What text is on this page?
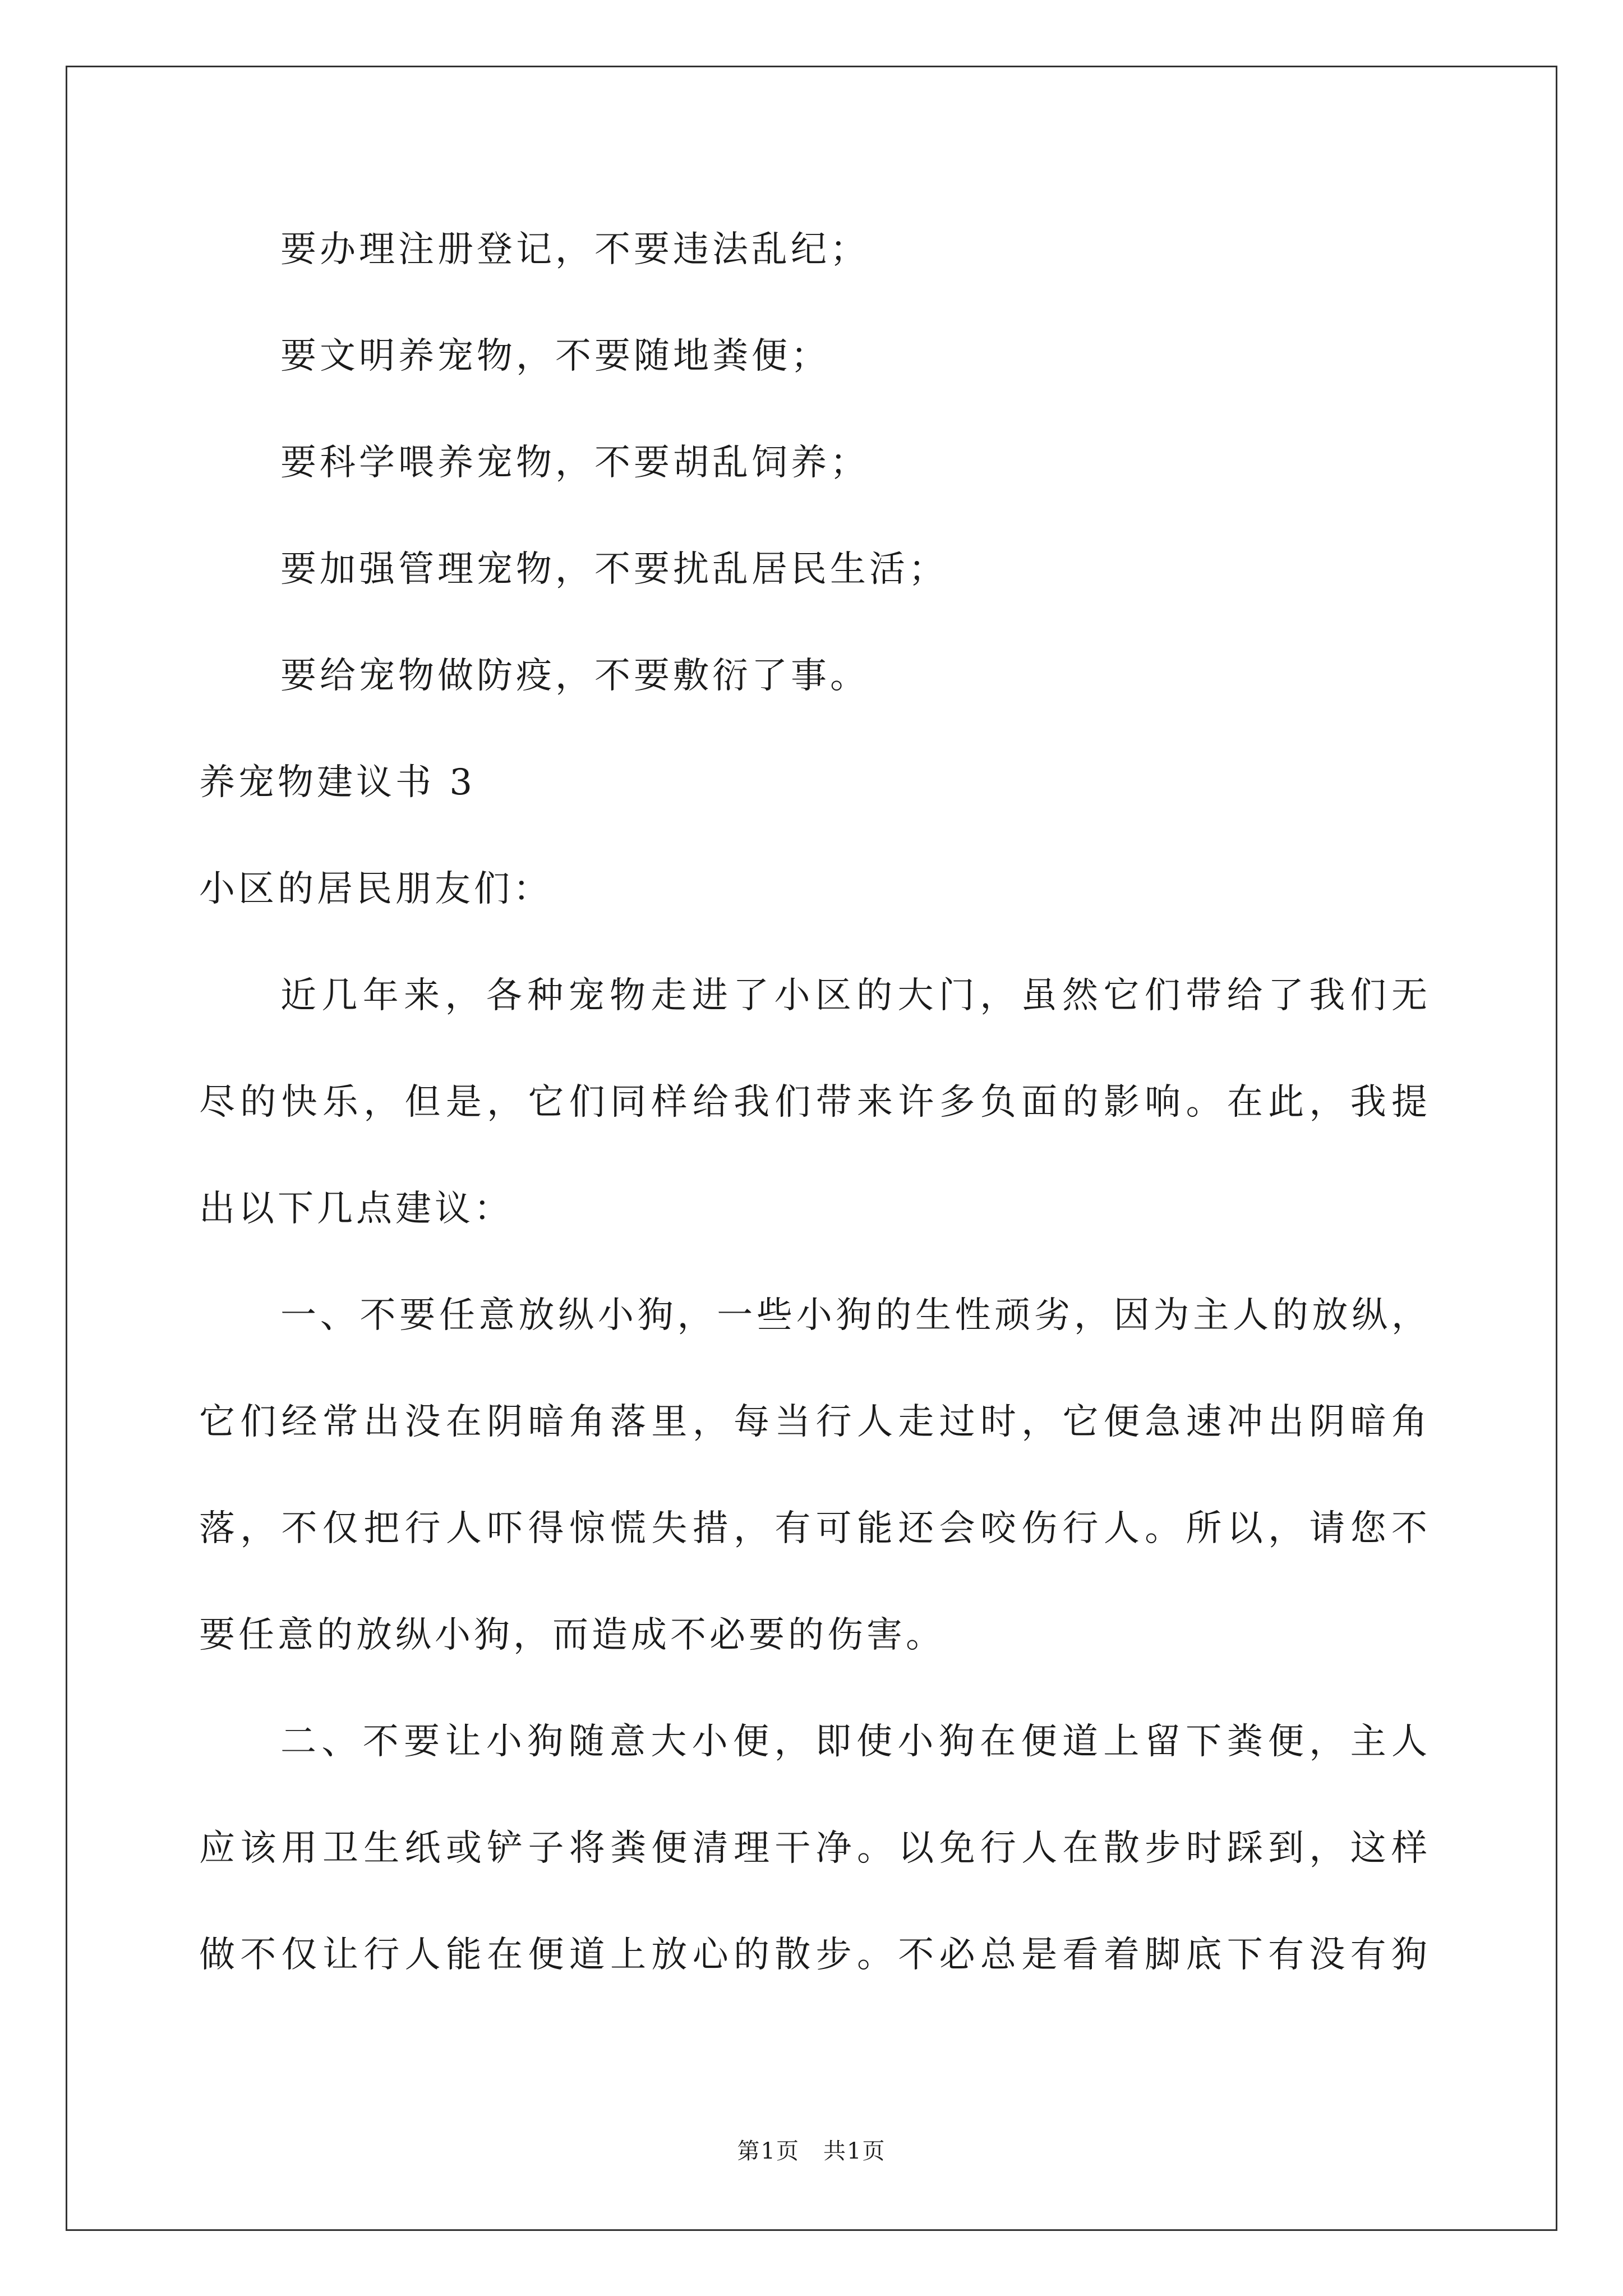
要办理注册登记，不要违法乱纪；
要文明养宠物，不要随地粪便；
要科学喂养宠物，不要胡乱饲养；
要加强管理宠物，不要扰乱居民生活；
要给宠物做防疫，不要敷衍了事。
养宠物建议书 3
小区的居民朋友们：
近几年来，各种宠物走进了小区的大门，虽然它们带给了我们无
尽的快乐，但是，它们同样给我们带来许多负面的影响。在此，我提
出以下几点建议：
一、不要任意放纵小狗，一些小狗的生性顽劣，因为主人的放纵，
它们经常出没在阴暗角落里，每当行人走过时，它便急速冲出阴暗角
落，不仅把行人吓得惊慌失措，有可能还会咬伤行人。所以，请您不
要任意的放纵小狗，而造成不必要的伤害。
二、不要让小狗随意大小便，即使小狗在便道上留下粪便，主人
应该用卫生纸或铲子将粪便清理干净。以免行人在散步时踩到，这样
做不仅让行人能在便道上放心的散步。不必总是看着脚底下有没有狗
第1页　共1页
